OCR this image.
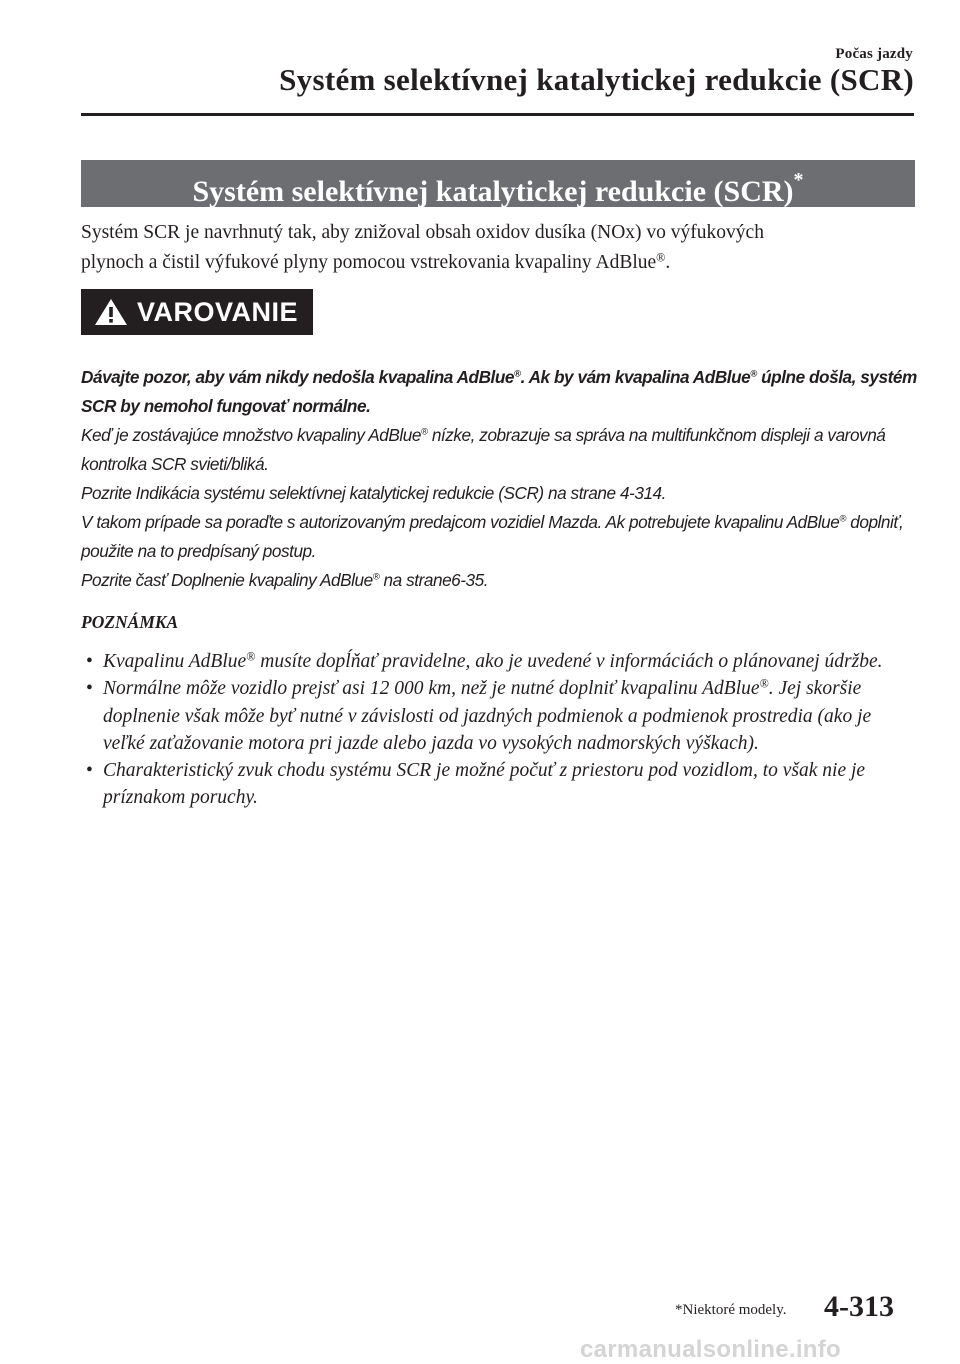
Počas jazdy
Systém selektívnej katalytickej redukcie (SCR)
Systém selektívnej katalytickej redukcie (SCR)*
Systém SCR je navrhnutý tak, aby znižoval obsah oxidov dusíka (NOx) vo výfukových
plynoch a čistil výfukové plyny pomocou vstrekovania kvapaliny AdBlue®.
VAROVANIE

Dávajte pozor, aby vám nikdy nedošla kvapalina AdBlue®. Ak by vám kvapalina AdBlue® úplne došla, systém SCR by nemohol fungovať normálne.

Keď je zostávajúce množstvo kvapaliny AdBlue® nízke, zobrazuje sa správa na multifunkčnom displeji a varovná kontrolka SCR svieti/bliká.

Pozrite Indikácia systému selektívnej katalytickej redukcie (SCR) na strane 4-314.

V takom prípade sa poraďte s autorizovaným predajcom vozidiel Mazda. Ak potrebujete kvapalinu AdBlue® doplniť, použite na to predpísaný postup.

Pozrite časť Doplnenie kvapaliny AdBlue® na strane6-35.

POZNÁMKA
• Kvapalinu AdBlue® musíte dopĺňať pravidelne, ako je uvedené v informáciách o plánovanej údržbe.
• Normálne môže vozidlo prejsť asi 12 000 km, než je nutné doplniť kvapalinu AdBlue®. Jej skoršie doplnenie však môže byť nutné v závislosti od jazdných podmienok a podmienok prostredia (ako je veľké zaťažovanie motora pri jazde alebo jazda vo vysokých nadmorských výškach).
• Charakteristický zvuk chodu systému SCR je možné počuť z priestoru pod vozidlom, to však nie je príznakom poruchy.
*Niektoré modely. 4-313
carmanualsonline.info
